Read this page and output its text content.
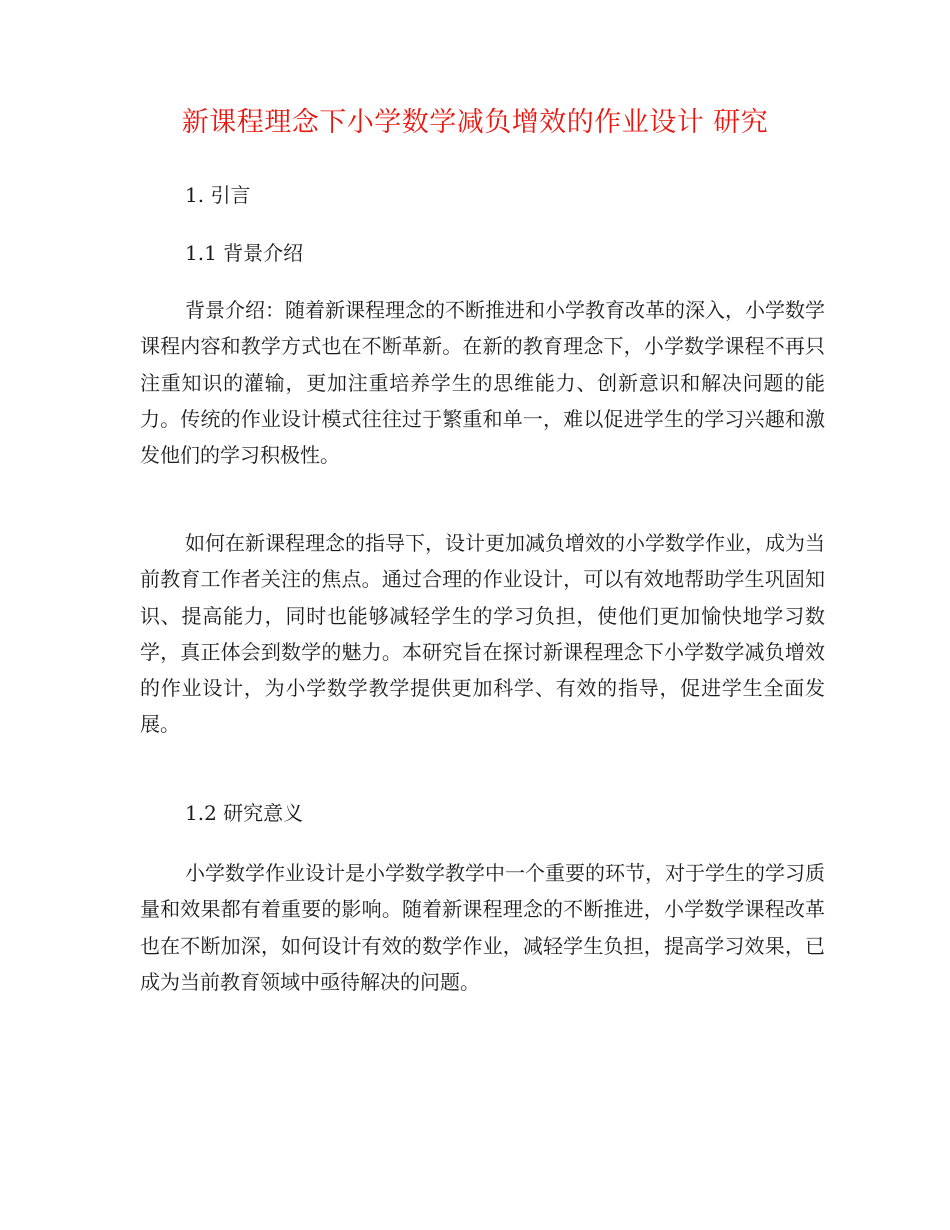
新课程理念下小学数学减负增效的作业设计 研究
1. 引言
1.1 背景介绍
背景介绍：随着新课程理念的不断推进和小学教育改革的深入，小学数学课程内容和教学方式也在不断革新。在新的教育理念下，小学数学课程不再只注重知识的灌输，更加注重培养学生的思维能力、创新意识和解决问题的能力。传统的作业设计模式往往过于繁重和单一，难以促进学生的学习兴趣和激发他们的学习积极性。
如何在新课程理念的指导下，设计更加减负增效的小学数学作业，成为当前教育工作者关注的焦点。通过合理的作业设计，可以有效地帮助学生巩固知识、提高能力，同时也能够减轻学生的学习负担，使他们更加愉快地学习数学，真正体会到数学的魅力。本研究旨在探讨新课程理念下小学数学减负增效的作业设计，为小学数学教学提供更加科学、有效的指导，促进学生全面发展。
1.2 研究意义
小学数学作业设计是小学数学教学中一个重要的环节，对于学生的学习质量和效果都有着重要的影响。随着新课程理念的不断推进，小学数学课程改革也在不断加深，如何设计有效的数学作业，减轻学生负担，提高学习效果，已成为当前教育领域中亟待解决的问题。
